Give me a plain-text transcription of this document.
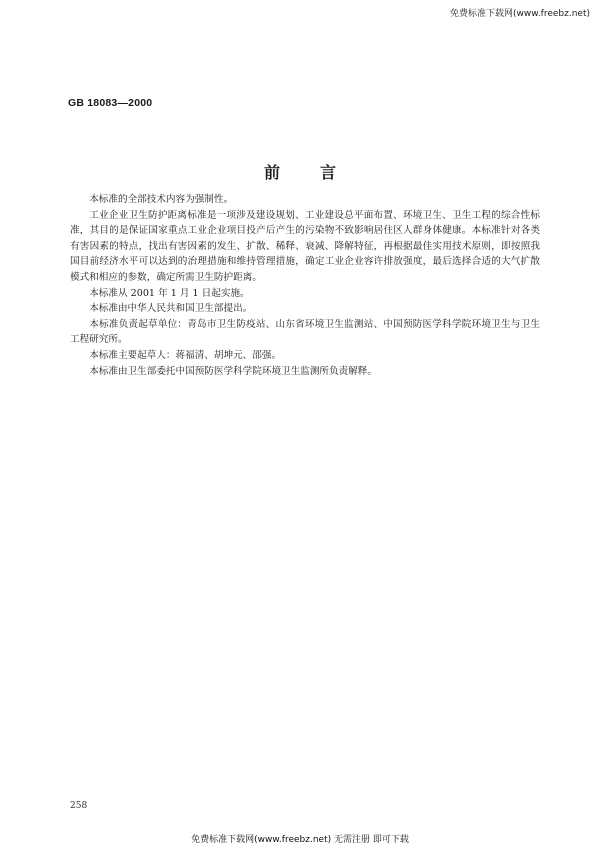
免费标准下载网(www.freebz.net)
GB 18083—2000
前言

本标准的全部技术内容为强制性。

工业企业卫生防护距离标准是一项涉及建设规划、工业建设总平面布置、环境卫生、卫生工程的综合性标准，其目的是保证国家重点工业企业项目投产后产生的污染物不致影响居住区人群身体健康。本标准针对各类有害因素的特点，找出有害因素的发生、扩散、稀释、衰减、降解特征，再根据最佳实用技术原则，即按照我国目前经济水平可以达到的治理措施和维持管理措施，确定工业企业容许排放强度，最后选择合适的大气扩散模式和相应的参数，确定所需卫生防护距离。

本标准从 2001 年 1 月 1 日起实施。

本标准由中华人民共和国卫生部提出。

本标准负责起草单位：青岛市卫生防疫站、山东省环境卫生监测站、中国预防医学科学院环境卫生与卫生工程研究所。

本标准主要起草人：蒋福清、胡坤元、邵强。

本标准由卫生部委托中国预防医学科学院环境卫生监测所负责解释。

258
免费标准下载网(www.freebz.net) 无需注册 即可下载
